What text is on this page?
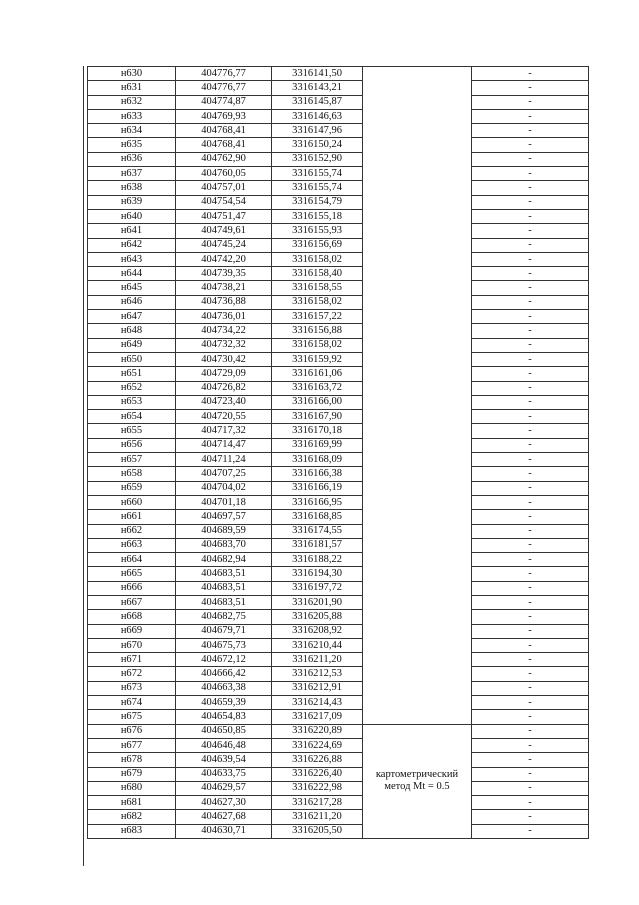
н630	404776,77	3316141,50		-
н631	404776,77	3316143,21		-
н632	404774,87	3316145,87		-
н633	404769,93	3316146,63		-
н634	404768,41	3316147,96		-
н635	404768,41	3316150,24		-
н636	404762,90	3316152,90		-
н637	404760,05	3316155,74		-
н638	404757,01	3316155,74		-
н639	404754,54	3316154,79		-
н640	404751,47	3316155,18		-
н641	404749,61	3316155,93		-
н642	404745,24	3316156,69		-
н643	404742,20	3316158,02		-
н644	404739,35	3316158,40		-
н645	404738,21	3316158,55		-
н646	404736,88	3316158,02		-
н647	404736,01	3316157,22		-
н648	404734,22	3316156,88		-
н649	404732,32	3316158,02		-
н650	404730,42	3316159,92		-
н651	404729,09	3316161,06		-
н652	404726,82	3316163,72		-
н653	404723,40	3316166,00		-
н654	404720,55	3316167,90		-
н655	404717,32	3316170,18		-
н656	404714,47	3316169,99		-
н657	404711,24	3316168,09		-
н658	404707,25	3316166,38		-
н659	404704,02	3316166,19		-
н660	404701,18	3316166,95		-
н661	404697,57	3316168,85		-
н662	404689,59	3316174,55		-
н663	404683,70	3316181,57		-
н664	404682,94	3316188,22		-
н665	404683,51	3316194,30		-
н666	404683,51	3316197,72		-
н667	404683,51	3316201,90		-
н668	404682,75	3316205,88		-
н669	404679,71	3316208,92		-
н670	404675,73	3316210,44		-
н671	404672,12	3316211,20		-
н672	404666,42	3316212,53		-
н673	404663,38	3316212,91		-
н674	404659,39	3316214,43		-
н675	404654,83	3316217,09		-
н676	404650,85	3316220,89	картометрический
метод Mt = 0.5	-
н677	404646,48	3316224,69		-
н678	404639,54	3316226,88		-
н679	404633,75	3316226,40		-
н680	404629,57	3316222,98		-
н681	404627,30	3316217,28		-
н682	404627,68	3316211,20		-
н683	404630,71	3316205,50		-
